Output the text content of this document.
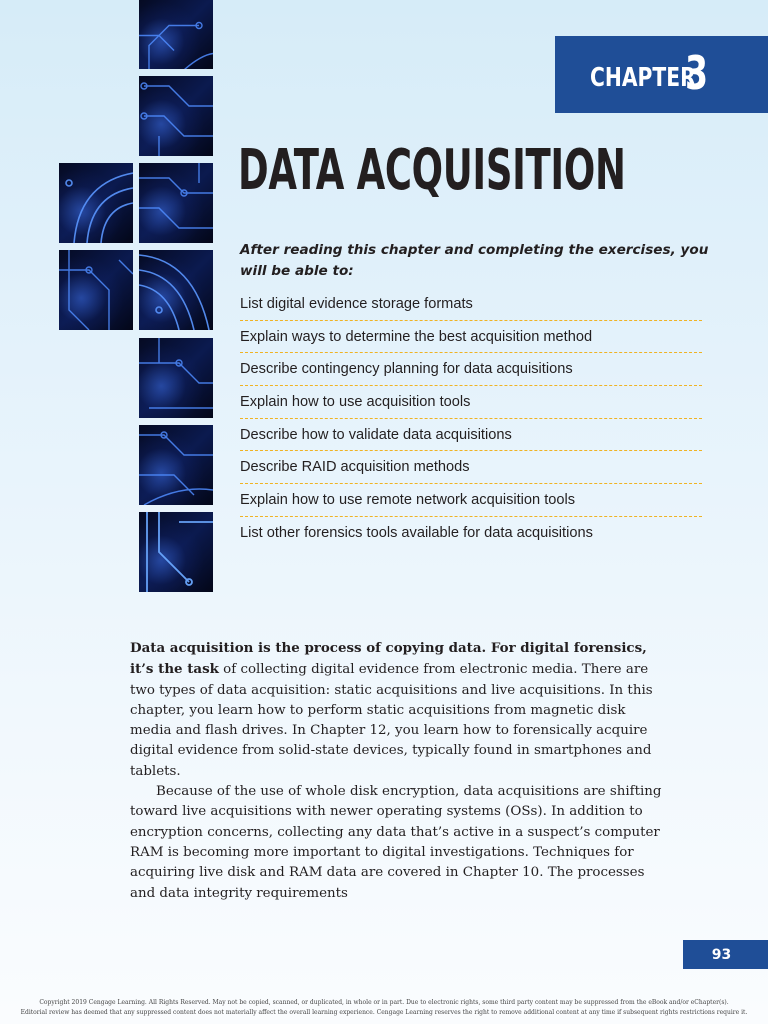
CHAPTER
3
DATA ACQUISITION

After reading this chapter and completing the exercises, you will be able to:

List digital evidence storage formats
Explain ways to determine the best acquisition method
Describe contingency planning for data acquisitions
Explain how to use acquisition tools
Describe how to validate data acquisitions
Describe RAID acquisition methods
Explain how to use remote network acquisition tools
List other forensics tools available for data acquisitions

Data acquisition is the process of copying data. For digital forensics, it’s the task of collecting digital evidence from electronic media. There are two types of data acquisition: static acquisitions and live acquisitions. In this chapter, you learn how to perform static acquisitions from magnetic disk media and flash drives. In Chapter 12, you learn how to forensically acquire digital evidence from solid-state devices, typically found in smartphones and tablets.

Because of the use of whole disk encryption, data acquisitions are shifting toward live acquisitions with newer operating systems (OSs). In addition to encryption concerns, collecting any data that’s active in a suspect’s computer RAM is becoming more important to digital investigations. Techniques for acquiring live disk and RAM data are covered in Chapter 10. The processes and data integrity requirements

93
Copyright 2019 Cengage Learning. All Rights Reserved. May not be copied, scanned, or duplicated, in whole or in part. Due to electronic rights, some third party content may be suppressed from the eBook and/or eChapter(s).
Editorial review has deemed that any suppressed content does not materially affect the overall learning experience. Cengage Learning reserves the right to remove additional content at any time if subsequent rights restrictions require it.
